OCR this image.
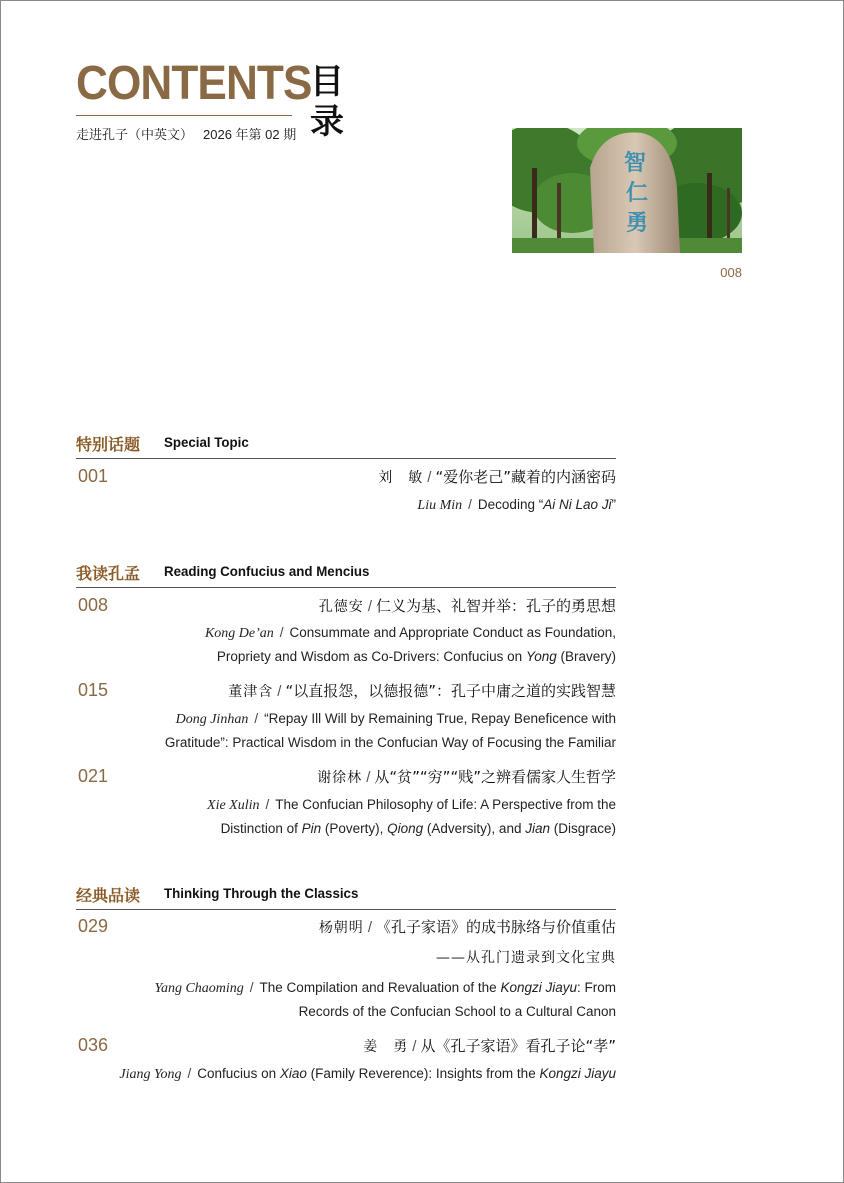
CONTENTS
目
录
走进孔子（中英文） 2026 年第 02 期
智
仁
勇
008
特别话题 Special Topic
001	刘　敏 / “爱你老己”藏着的内涵密码
Liu Min / Decoding “Ai Ni Lao Ji”
我读孔孟 Reading Confucius and Mencius
008	孔德安 / 仁义为基、礼智并举：孔子的勇思想
Kong De’an / Consummate and Appropriate Conduct as Foundation,
Propriety and Wisdom as Co-Drivers: Confucius on Yong (Bravery)
015	董津含 / “以直报怨，以德报德”：孔子中庸之道的实践智慧
Dong Jinhan / “Repay Ill Will by Remaining True, Repay Beneficence with
Gratitude”: Practical Wisdom in the Confucian Way of Focusing the Familiar
021	谢徐林 / 从“贫”“穷”“贱”之辨看儒家人生哲学
Xie Xulin / The Confucian Philosophy of Life: A Perspective from the
Distinction of Pin (Poverty), Qiong (Adversity), and Jian (Disgrace)
经典品读 Thinking Through the Classics
029	杨朝明 / 《孔子家语》的成书脉络与价值重估
——从孔门遗录到文化宝典
Yang Chaoming / The Compilation and Revaluation of the Kongzi Jiayu: From
Records of the Confucian School to a Cultural Canon
036	姜　勇 / 从《孔子家语》看孔子论“孝”
Jiang Yong / Confucius on Xiao (Family Reverence): Insights from the Kongzi Jiayu
